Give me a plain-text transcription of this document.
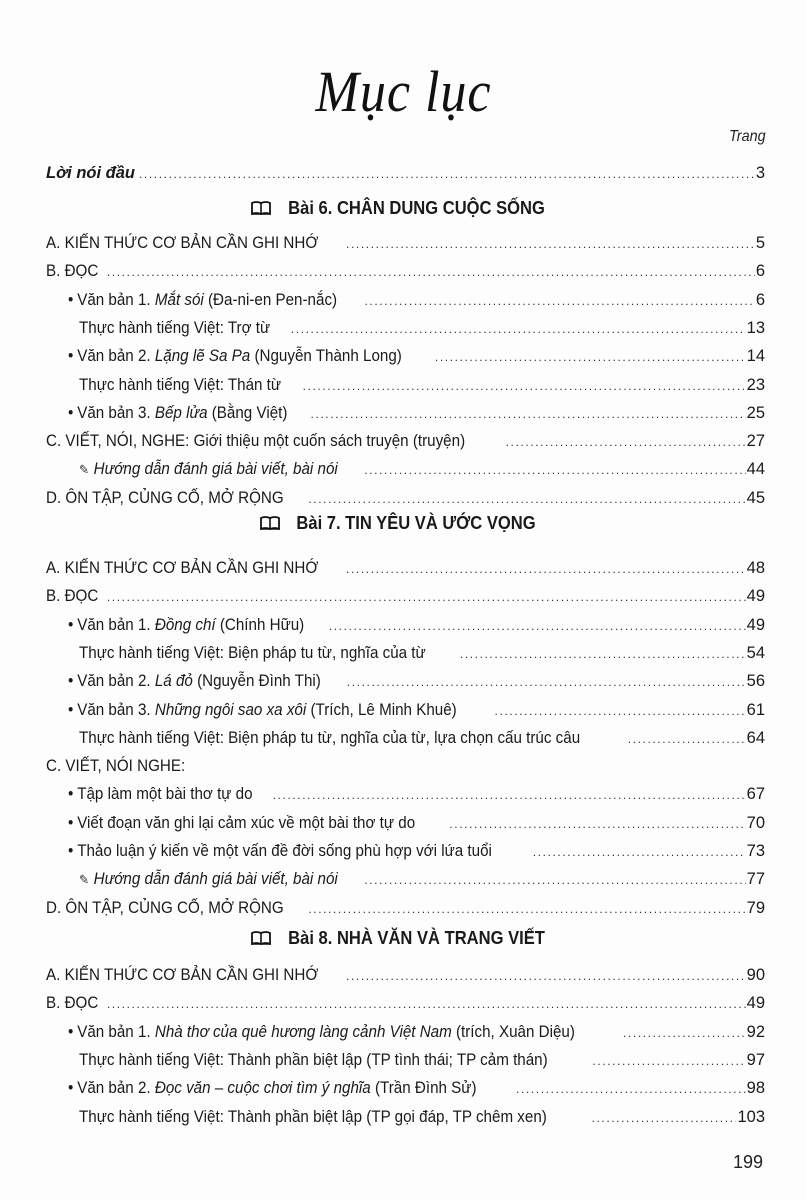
Mục lục
Trang
Lời nói đầu .....	3
Bài 6. CHÂN DUNG CUỘC SỐNG
A. KIẾN THỨC CƠ BẢN CẦN GHI NHỚ .....	5
B. ĐỌC .....	6
• Văn bản 1. Mắt sói (Đa-ni-en Pen-nắc) .....	6
Thực hành tiếng Việt: Trợ từ .....	13
• Văn bản 2. Lặng lẽ Sa Pa (Nguyễn Thành Long) .....	14
Thực hành tiếng Việt: Thán từ .....	23
• Văn bản 3. Bếp lửa (Bằng Việt) .....	25
C. VIẾT, NÓI, NGHE: Giới thiệu một cuốn sách truyện (truyện) .....	27
✎ Hướng dẫn đánh giá bài viết, bài nói .....	44
D. ÔN TẬP, CỦNG CỐ, MỞ RỘNG .....	45
Bài 7. TIN YÊU VÀ ƯỚC VỌNG
A. KIẾN THỨC CƠ BẢN CẦN GHI NHỚ .....	48
B. ĐỌC .....	49
• Văn bản 1. Đồng chí (Chính Hữu) .....	49
Thực hành tiếng Việt: Biện pháp tu từ, nghĩa của từ .....	54
• Văn bản 2. Lá đỏ (Nguyễn Đình Thi) .....	56
• Văn bản 3. Những ngôi sao xa xôi (Trích, Lê Minh Khuê) .....	61
Thực hành tiếng Việt: Biện pháp tu từ, nghĩa của từ, lựa chọn cấu trúc câu .....	64
C. VIẾT, NÓI NGHE:
• Tập làm một bài thơ tự do .....	67
• Viết đoạn văn ghi lại cảm xúc về một bài thơ tự do .....	70
• Thảo luận ý kiến về một vấn đề đời sống phù hợp với lứa tuổi .....	73
✎ Hướng dẫn đánh giá bài viết, bài nói .....	77
D. ÔN TẬP, CỦNG CỐ, MỞ RỘNG .....	79
Bài 8. NHÀ VĂN VÀ TRANG VIẾT
A. KIẾN THỨC CƠ BẢN CẦN GHI NHỚ .....	90
B. ĐỌC .....	49
• Văn bản 1. Nhà thơ của quê hương làng cảnh Việt Nam (trích, Xuân Diệu) .....	92
Thực hành tiếng Việt: Thành phần biệt lập (TP tình thái; TP cảm thán) .....	97
• Văn bản 2. Đọc văn – cuộc chơi tìm ý nghĩa (Trần Đình Sử) .....	98
Thực hành tiếng Việt: Thành phần biệt lập (TP gọi đáp, TP chêm xen) .....	103
199
